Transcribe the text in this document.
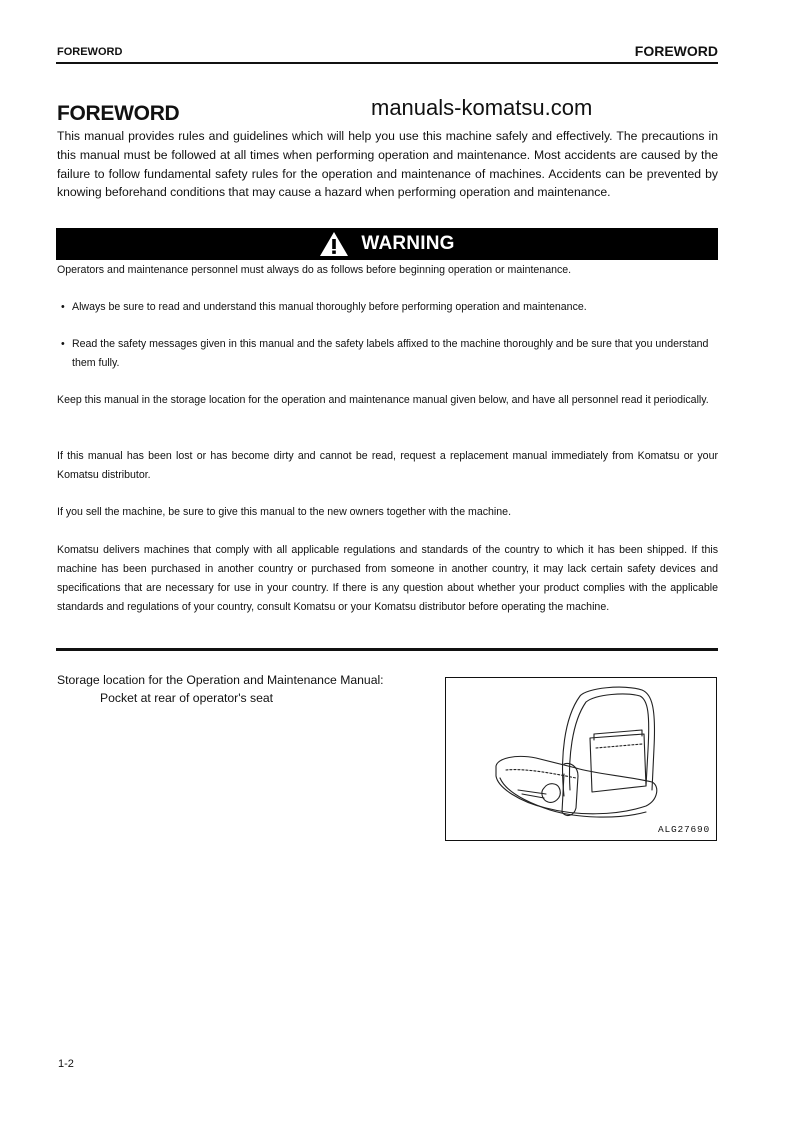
FOREWORD	FOREWORD
FOREWORD	manuals-komatsu.com
This manual provides rules and guidelines which will help you use this machine safely and effectively. The precautions in this manual must be followed at all times when performing operation and maintenance. Most accidents are caused by the failure to follow fundamental safety rules for the operation and maintenance of machines. Accidents can be prevented by knowing beforehand conditions that may cause a hazard when performing operation and maintenance.
WARNING
Operators and maintenance personnel must always do as follows before beginning operation or maintenance.
• Always be sure to read and understand this manual thoroughly before performing operation and maintenance.
• Read the safety messages given in this manual and the safety labels affixed to the machine thoroughly and be sure that you understand them fully.
Keep this manual in the storage location for the operation and maintenance manual given below, and have all personnel read it periodically.
If this manual has been lost or has become dirty and cannot be read, request a replacement manual immediately from Komatsu or your Komatsu distributor.
If you sell the machine, be sure to give this manual to the new owners together with the machine.
Komatsu delivers machines that comply with all applicable regulations and standards of the country to which it has been shipped. If this machine has been purchased in another country or purchased from someone in another country, it may lack certain safety devices and specifications that are necessary for use in your country. If there is any question about whether your product complies with the applicable standards and regulations of your country, consult Komatsu or your Komatsu distributor before operating the machine.
Storage location for the Operation and Maintenance Manual:
Pocket at rear of operator's seat
ALG27690
1-2
